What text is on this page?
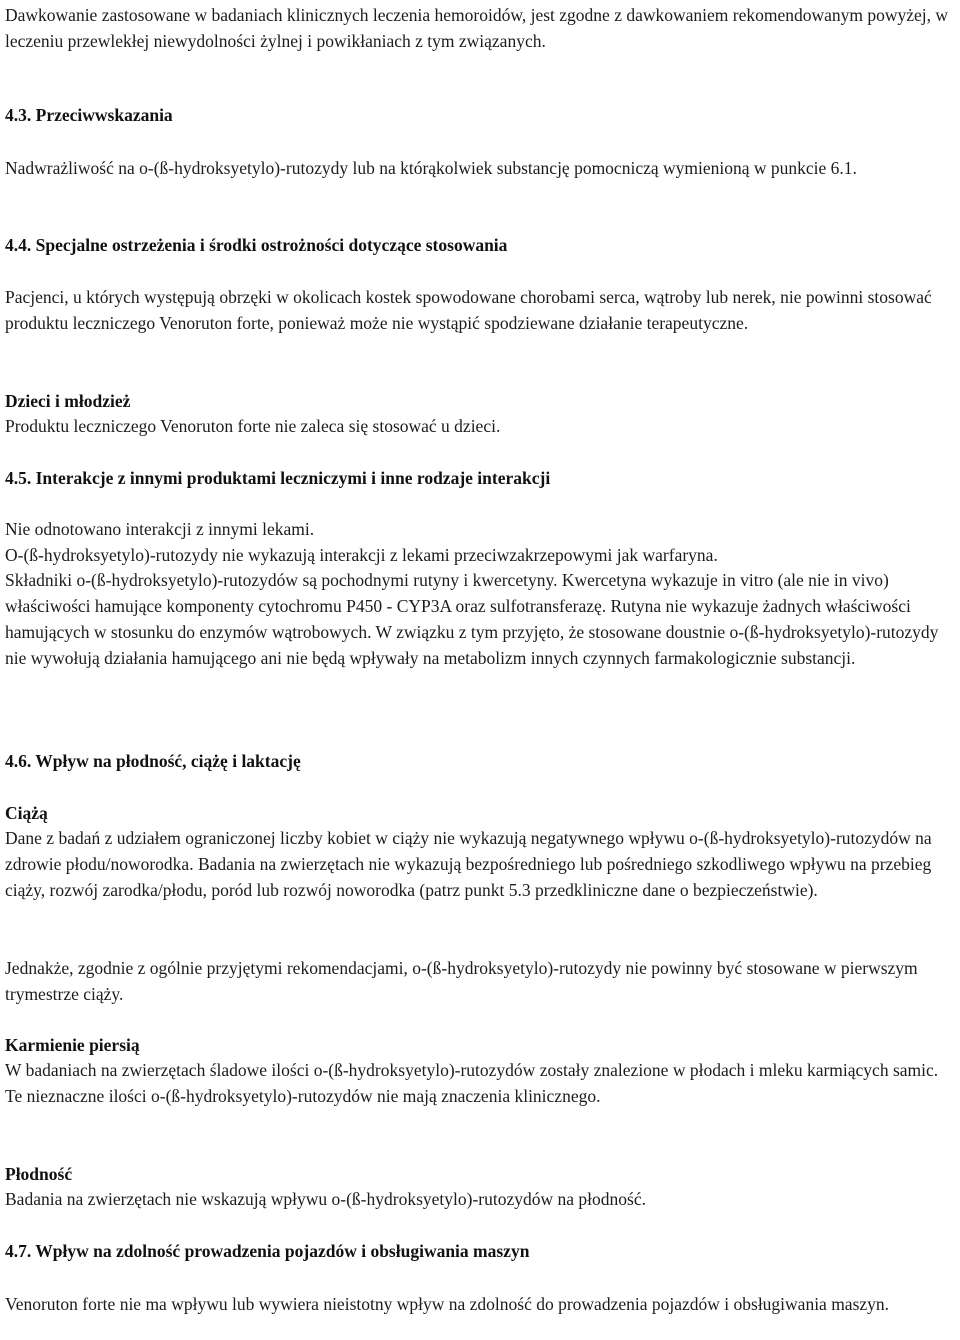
Dawkowanie zastosowane w badaniach klinicznych leczenia hemoroidów, jest zgodne z dawkowaniem rekomendowanym powyżej, w leczeniu przewlekłej niewydolności żylnej i powikłaniach z tym związanych.

4.3. Przeciwwskazania

Nadwrażliwość na o-(ß-hydroksyetylo)-rutozydy lub na którąkolwiek substancję pomocniczą wymienioną w punkcie 6.1.

4.4. Specjalne ostrzeżenia i środki ostrożności dotyczące stosowania

Pacjenci, u których występują obrzęki w okolicach kostek spowodowane chorobami serca, wątroby lub nerek, nie powinni stosować produktu leczniczego Venoruton forte, ponieważ może nie wystąpić spodziewane działanie terapeutyczne.

Dzieci i młodzież

Produktu leczniczego Venoruton forte nie zaleca się stosować u dzieci.

4.5. Interakcje z innymi produktami leczniczymi i inne rodzaje interakcji

Nie odnotowano interakcji z innymi lekami.

O-(ß-hydroksyetylo)-rutozydy nie wykazują interakcji z lekami przeciwzakrzepowymi jak warfaryna.

Składniki o-(ß-hydroksyetylo)-rutozydów są pochodnymi rutyny i kwercetyny. Kwercetyna wykazuje in vitro (ale nie in vivo) właściwości hamujące komponenty cytochromu P450 - CYP3A oraz sulfotransferazę. Rutyna nie wykazuje żadnych właściwości hamujących w stosunku do enzymów wątrobowych. W związku z tym przyjęto, że stosowane doustnie o-(ß-hydroksyetylo)-rutozydy nie wywołują działania hamującego ani nie będą wpływały na metabolizm innych czynnych farmakologicznie substancji.

4.6. Wpływ na płodność, ciążę i laktację

Ciążą

Dane z badań z udziałem ograniczonej liczby kobiet w ciąży nie wykazują negatywnego wpływu o-(ß-hydroksyetylo)-rutozydów na zdrowie płodu/noworodka. Badania na zwierzętach nie wykazują bezpośredniego lub pośredniego szkodliwego wpływu na przebieg ciąży, rozwój zarodka/płodu, poród lub rozwój noworodka (patrz punkt 5.3 przedkliniczne dane o bezpieczeństwie).

Jednakże, zgodnie z ogólnie przyjętymi rekomendacjami, o-(ß-hydroksyetylo)-rutozydy nie powinny być stosowane w pierwszym trymestrze ciąży.

Karmienie piersią

W badaniach na zwierzętach śladowe ilości o-(ß-hydroksyetylo)-rutozydów zostały znalezione w płodach i mleku karmiących samic. Te nieznaczne ilości o-(ß-hydroksyetylo)-rutozydów nie mają znaczenia klinicznego.

Płodność

Badania na zwierzętach nie wskazują wpływu o-(ß-hydroksyetylo)-rutozydów na płodność.

4.7. Wpływ na zdolność prowadzenia pojazdów i obsługiwania maszyn

Venoruton forte nie ma wpływu lub wywiera nieistotny wpływ na zdolność do prowadzenia pojazdów i obsługiwania maszyn.
